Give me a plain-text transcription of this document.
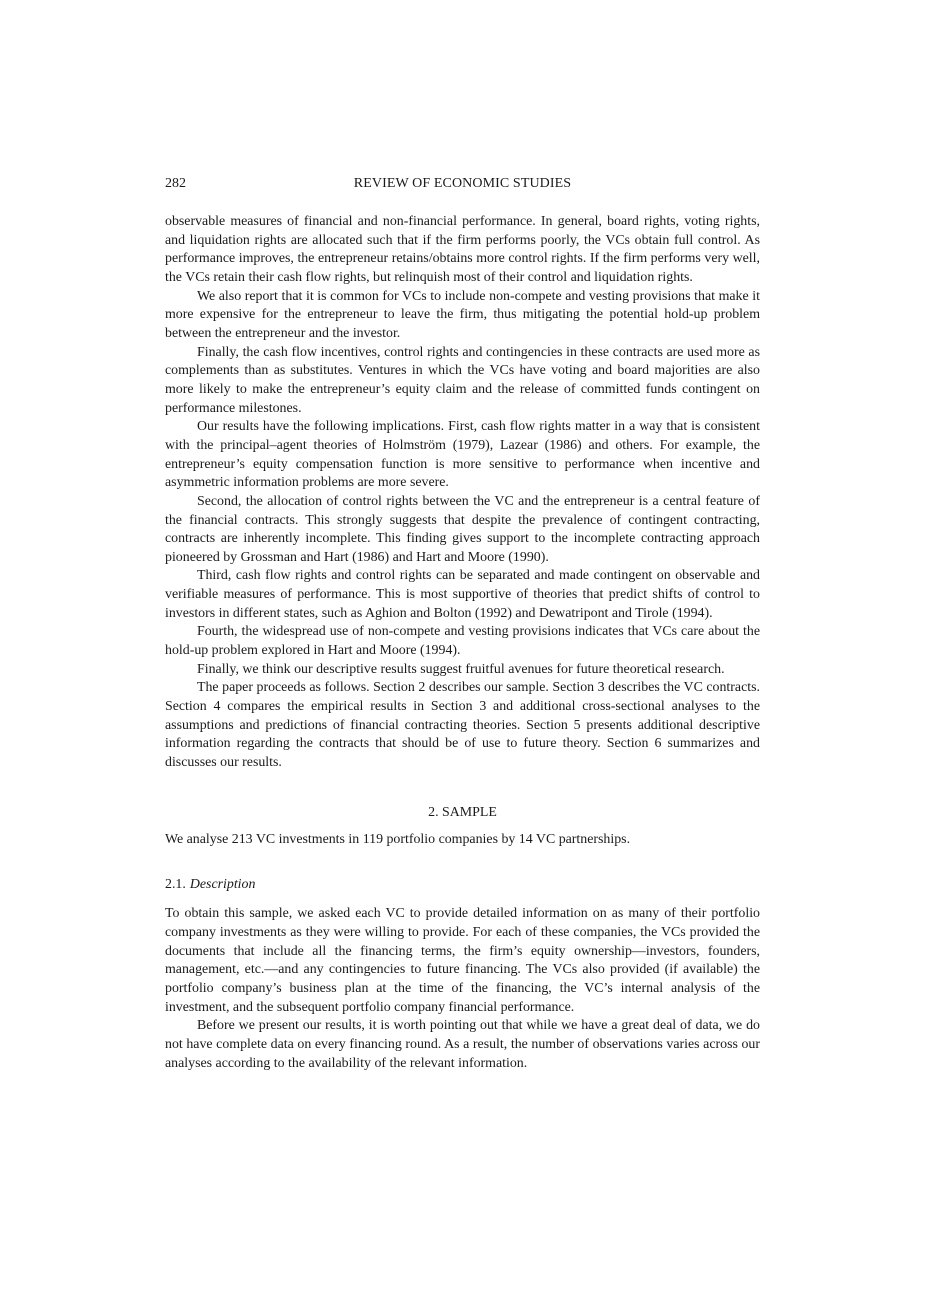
282	REVIEW OF ECONOMIC STUDIES

observable measures of financial and non-financial performance. In general, board rights, voting rights, and liquidation rights are allocated such that if the firm performs poorly, the VCs obtain full control. As performance improves, the entrepreneur retains/obtains more control rights. If the firm performs very well, the VCs retain their cash flow rights, but relinquish most of their control and liquidation rights.

We also report that it is common for VCs to include non-compete and vesting provisions that make it more expensive for the entrepreneur to leave the firm, thus mitigating the potential hold-up problem between the entrepreneur and the investor.

Finally, the cash flow incentives, control rights and contingencies in these contracts are used more as complements than as substitutes. Ventures in which the VCs have voting and board majorities are also more likely to make the entrepreneur’s equity claim and the release of committed funds contingent on performance milestones.

Our results have the following implications. First, cash flow rights matter in a way that is consistent with the principal–agent theories of Holmström (1979), Lazear (1986) and others. For example, the entrepreneur’s equity compensation function is more sensitive to performance when incentive and asymmetric information problems are more severe.

Second, the allocation of control rights between the VC and the entrepreneur is a central feature of the financial contracts. This strongly suggests that despite the prevalence of contingent contracting, contracts are inherently incomplete. This finding gives support to the incomplete contracting approach pioneered by Grossman and Hart (1986) and Hart and Moore (1990).

Third, cash flow rights and control rights can be separated and made contingent on observable and verifiable measures of performance. This is most supportive of theories that predict shifts of control to investors in different states, such as Aghion and Bolton (1992) and Dewatripont and Tirole (1994).

Fourth, the widespread use of non-compete and vesting provisions indicates that VCs care about the hold-up problem explored in Hart and Moore (1994).

Finally, we think our descriptive results suggest fruitful avenues for future theoretical research.

The paper proceeds as follows. Section 2 describes our sample. Section 3 describes the VC contracts. Section 4 compares the empirical results in Section 3 and additional cross-sectional analyses to the assumptions and predictions of financial contracting theories. Section 5 presents additional descriptive information regarding the contracts that should be of use to future theory. Section 6 summarizes and discusses our results.

2. SAMPLE

We analyse 213 VC investments in 119 portfolio companies by 14 VC partnerships.

2.1. Description

To obtain this sample, we asked each VC to provide detailed information on as many of their portfolio company investments as they were willing to provide. For each of these companies, the VCs provided the documents that include all the financing terms, the firm’s equity ownership—investors, founders, management, etc.—and any contingencies to future financing. The VCs also provided (if available) the portfolio company’s business plan at the time of the financing, the VC’s internal analysis of the investment, and the subsequent portfolio company financial performance.

Before we present our results, it is worth pointing out that while we have a great deal of data, we do not have complete data on every financing round. As a result, the number of observations varies across our analyses according to the availability of the relevant information.
